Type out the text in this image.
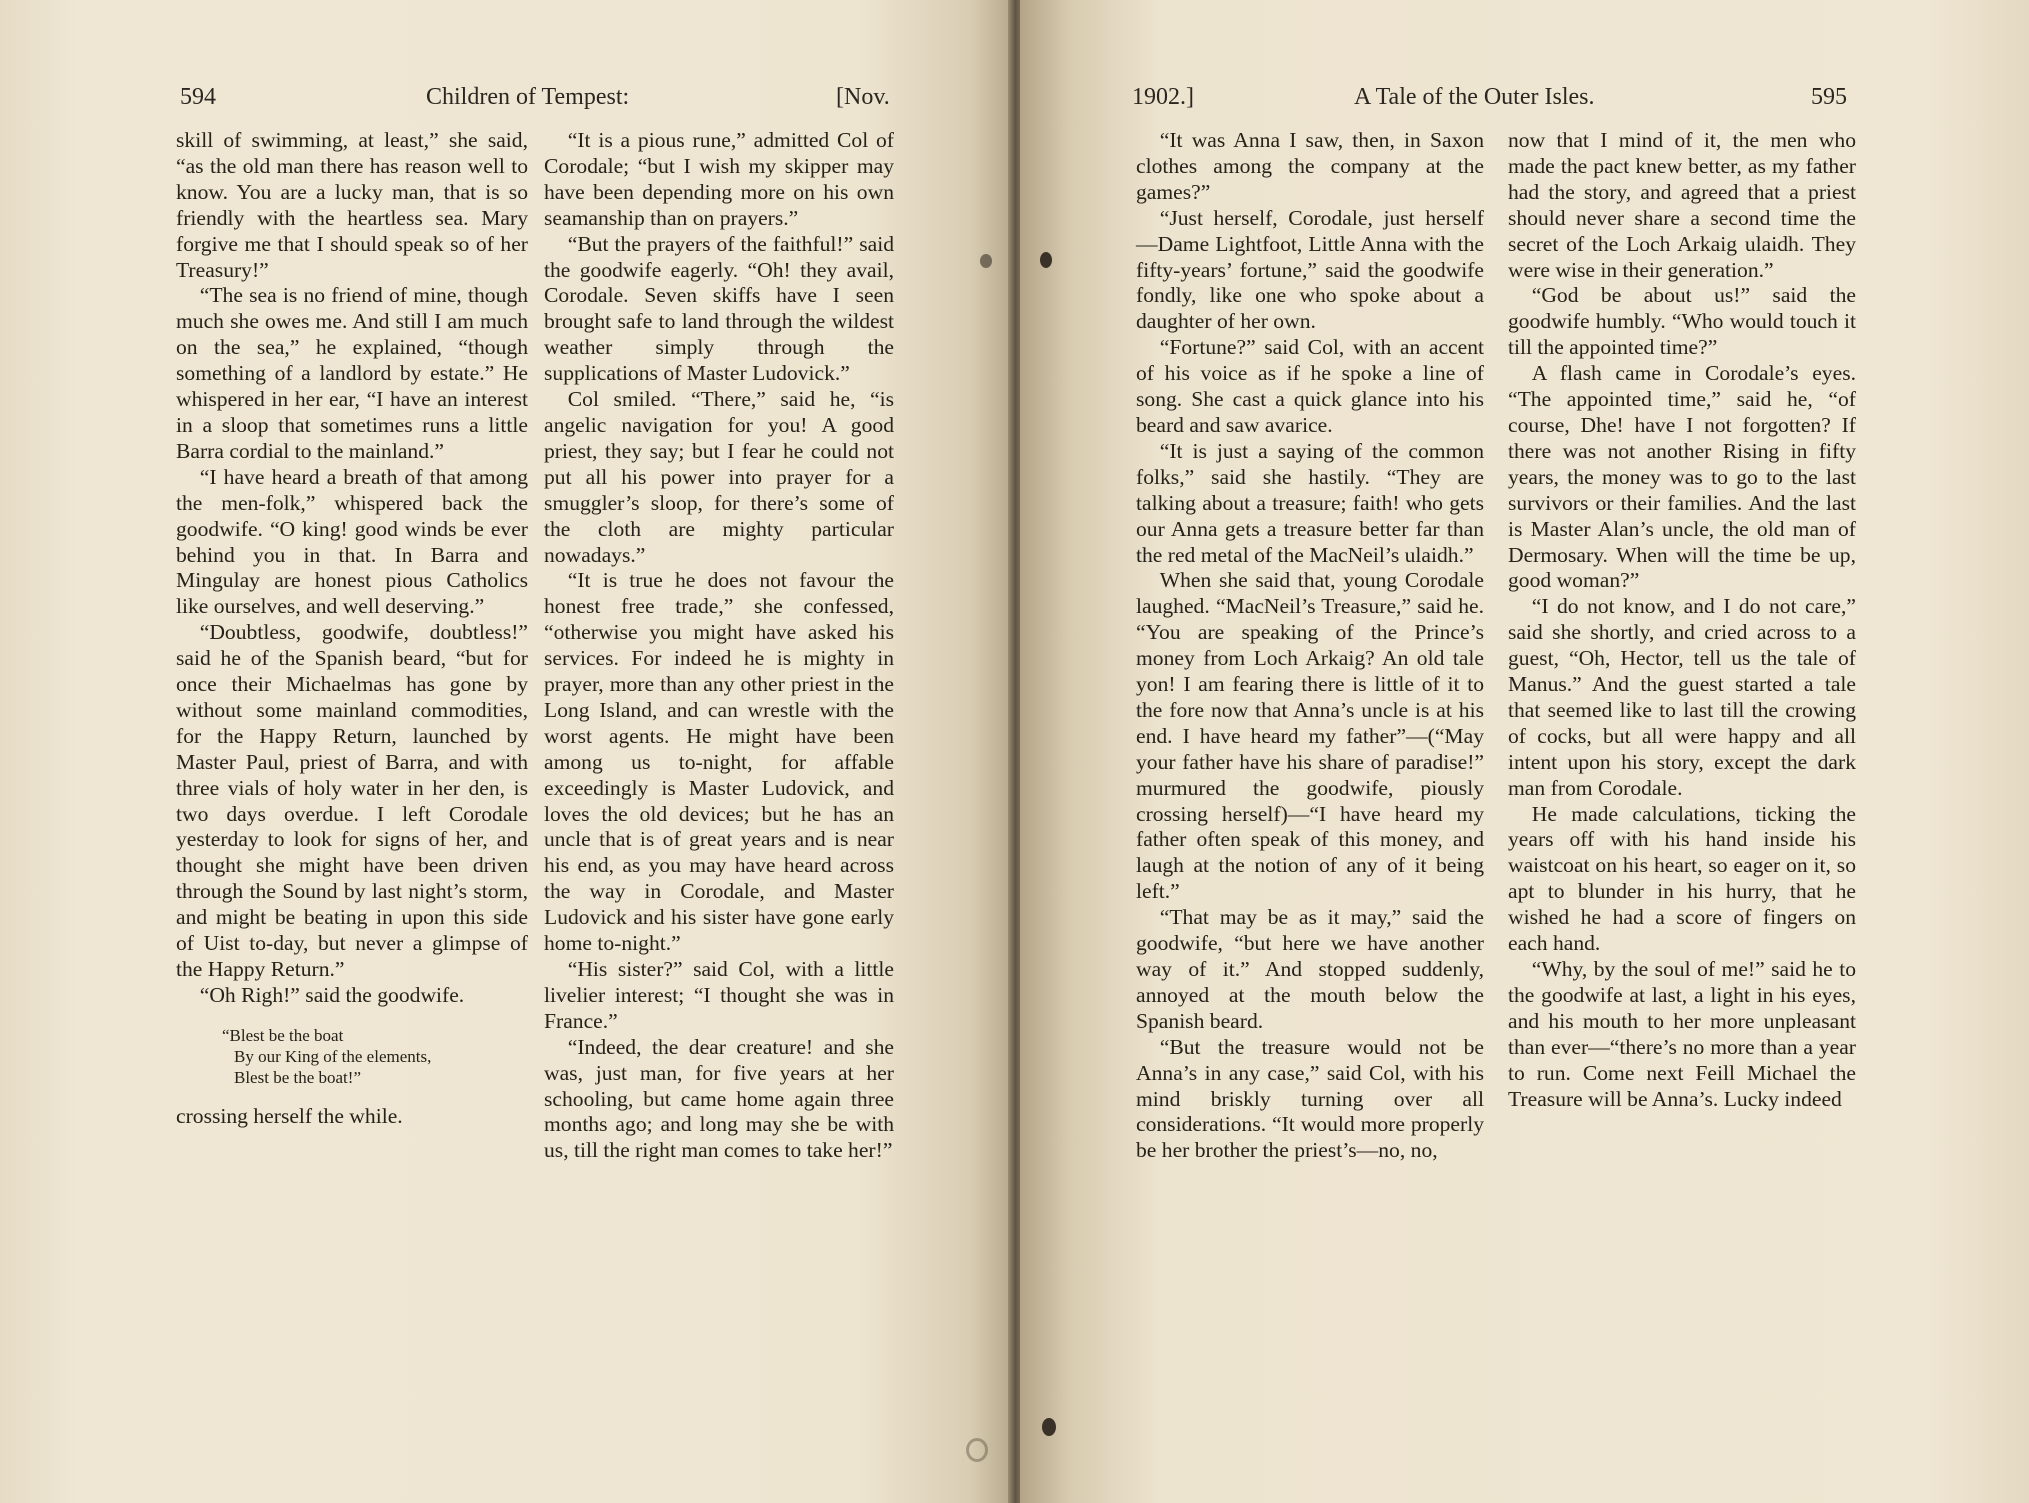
594	Children of Tempest:	[Nov.

skill of swimming, at least,” she said, “as the old man there has reason well to know. You are a lucky man, that is so friendly with the heartless sea. Mary forgive me that I should speak so of her Treasury!”

“The sea is no friend of mine, though much she owes me. And still I am much on the sea,” he explained, “though something of a landlord by estate.” He whispered in her ear, “I have an interest in a sloop that sometimes runs a little Barra cordial to the mainland.”

“I have heard a breath of that among the men-folk,” whispered back the goodwife. “O king! good winds be ever behind you in that. In Barra and Mingulay are honest pious Catholics like ourselves, and well deserving.”

“Doubtless, goodwife, doubtless!” said he of the Spanish beard, “but for once their Michaelmas has gone by without some mainland commodities, for the Happy Return, launched by Master Paul, priest of Barra, and with three vials of holy water in her den, is two days overdue. I left Corodale yesterday to look for signs of her, and thought she might have been driven through the Sound by last night’s storm, and might be beating in upon this side of Uist to-day, but never a glimpse of the Happy Return.”

“Oh Righ!” said the goodwife.

“Blest be the boat
By our King of the elements,
Blest be the boat!”

crossing herself the while.

“It is a pious rune,” admitted Col of Corodale; “but I wish my skipper may have been depending more on his own seamanship than on prayers.”

“But the prayers of the faithful!” said the goodwife eagerly. “Oh! they avail, Corodale. Seven skiffs have I seen brought safe to land through the wildest weather simply through the supplications of Master Ludovick.”

Col smiled. “There,” said he, “is angelic navigation for you! A good priest, they say; but I fear he could not put all his power into prayer for a smuggler’s sloop, for there’s some of the cloth are mighty particular nowadays.”

“It is true he does not favour the honest free trade,” she confessed, “otherwise you might have asked his services. For indeed he is mighty in prayer, more than any other priest in the Long Island, and can wrestle with the worst agents. He might have been among us to-night, for affable exceedingly is Master Ludovick, and loves the old devices; but he has an uncle that is of great years and is near his end, as you may have heard across the way in Corodale, and Master Ludovick and his sister have gone early home to-night.”

“His sister?” said Col, with a little livelier interest; “I thought she was in France.”

“Indeed, the dear creature! and she was, just man, for five years at her schooling, but came home again three months ago; and long may she be with us, till the right man comes to take her!”

1902.]	A Tale of the Outer Isles.	595

“It was Anna I saw, then, in Saxon clothes among the company at the games?”

“Just herself, Corodale, just herself—Dame Lightfoot, Little Anna with the fifty-years’ fortune,” said the goodwife fondly, like one who spoke about a daughter of her own.

“Fortune?” said Col, with an accent of his voice as if he spoke a line of song. She cast a quick glance into his beard and saw avarice.

“It is just a saying of the common folks,” said she hastily. “They are talking about a treasure; faith! who gets our Anna gets a treasure better far than the red metal of the MacNeil’s ulaidh.”

When she said that, young Corodale laughed. “MacNeil’s Treasure,” said he. “You are speaking of the Prince’s money from Loch Arkaig? An old tale yon! I am fearing there is little of it to the fore now that Anna’s uncle is at his end. I have heard my father”—(“May your father have his share of paradise!” murmured the goodwife, piously crossing herself)—“I have heard my father often speak of this money, and laugh at the notion of any of it being left.”

“That may be as it may,” said the goodwife, “but here we have another way of it.” And stopped suddenly, annoyed at the mouth below the Spanish beard.

“But the treasure would not be Anna’s in any case,” said Col, with his mind briskly turning over all considerations. “It would more properly be her brother the priest’s—no, no,

now that I mind of it, the men who made the pact knew better, as my father had the story, and agreed that a priest should never share a second time the secret of the Loch Arkaig ulaidh. They were wise in their generation.”

“God be about us!” said the goodwife humbly. “Who would touch it till the appointed time?”

A flash came in Corodale’s eyes. “The appointed time,” said he, “of course, Dhe! have I not forgotten? If there was not another Rising in fifty years, the money was to go to the last survivors or their families. And the last is Master Alan’s uncle, the old man of Dermosary. When will the time be up, good woman?”

“I do not know, and I do not care,” said she shortly, and cried across to a guest, “Oh, Hector, tell us the tale of Manus.” And the guest started a tale that seemed like to last till the crowing of cocks, but all were happy and all intent upon his story, except the dark man from Corodale.

He made calculations, ticking the years off with his hand inside his waistcoat on his heart, so eager on it, so apt to blunder in his hurry, that he wished he had a score of fingers on each hand.

“Why, by the soul of me!” said he to the goodwife at last, a light in his eyes, and his mouth to her more unpleasant than ever—“there’s no more than a year to run. Come next Feill Michael the Treasure will be Anna’s. Lucky indeed
